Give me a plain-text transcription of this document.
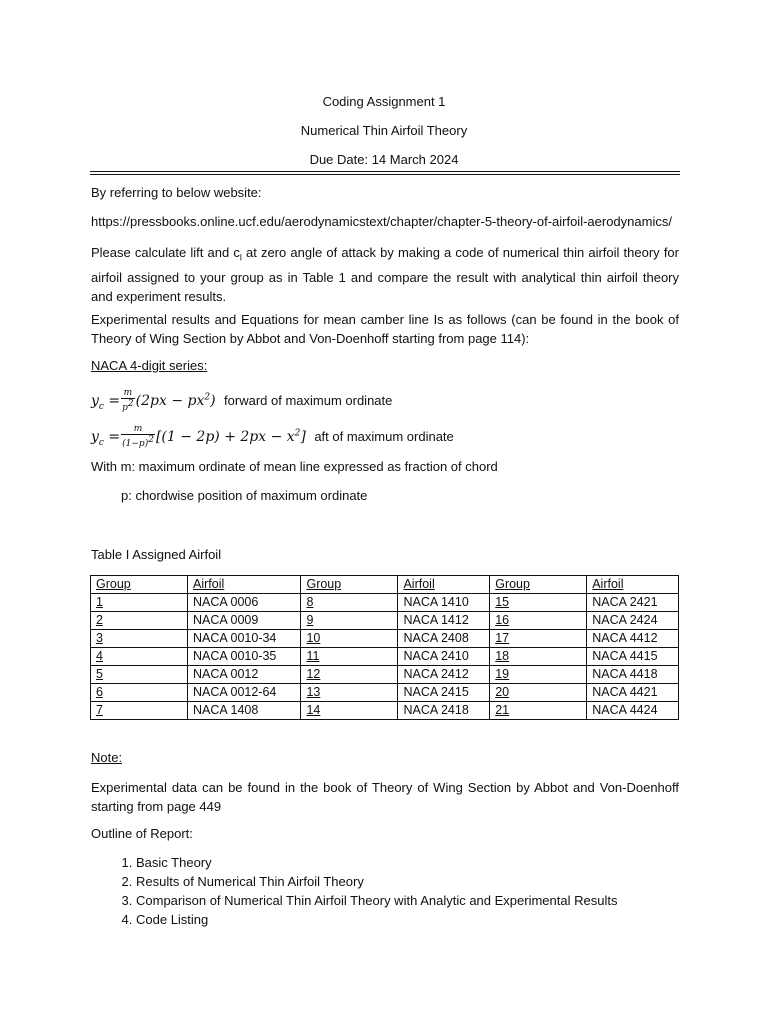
Coding Assignment 1
Numerical Thin Airfoil Theory
Due Date: 14 March 2024
By referring to below website:
https://pressbooks.online.ucf.edu/aerodynamicstext/chapter/chapter-5-theory-of-airfoil-aerodynamics/
Please calculate lift and $c_l$ at zero angle of attack by making a code of numerical thin airfoil theory for airfoil assigned to your group as in Table 1 and compare the result with analytical thin airfoil theory and experiment results.
Experimental results and Equations for mean camber line Is as follows (can be found in the book of Theory of Wing Section by Abbot and Von-Doenhoff starting from page 114):
NACA 4-digit series:
$y_c = \frac{m}{p^2} (2px - px^2)$ forward of maximum ordinate
$y_c = \frac{m}{(1-p)^2} [(1 - 2p) + 2px - x^2]$ aft of maximum ordinate
With m: maximum ordinate of mean line expressed as fraction of chord
p: chordwise position of maximum ordinate
Table I Assigned Airfoil
Group	Airfoil	Group	Airfoil	Group	Airfoil
1	NACA 0006	8	NACA 1410	15	NACA 2421
2	NACA 0009	9	NACA 1412	16	NACA 2424
3	NACA 0010-34	10	NACA 2408	17	NACA 4412
4	NACA 0010-35	11	NACA 2410	18	NACA 4415
5	NACA 0012	12	NACA 2412	19	NACA 4418
6	NACA 0012-64	13	NACA 2415	20	NACA 4421
7	NACA 1408	14	NACA 2418	21	NACA 4424
Note:
Experimental data can be found in the book of Theory of Wing Section by Abbot and Von-Doenhoff starting from page 449
Outline of Report:
1. Basic Theory
2. Results of Numerical Thin Airfoil Theory
3. Comparison of Numerical Thin Airfoil Theory with Analytic and Experimental Results
4. Code Listing
